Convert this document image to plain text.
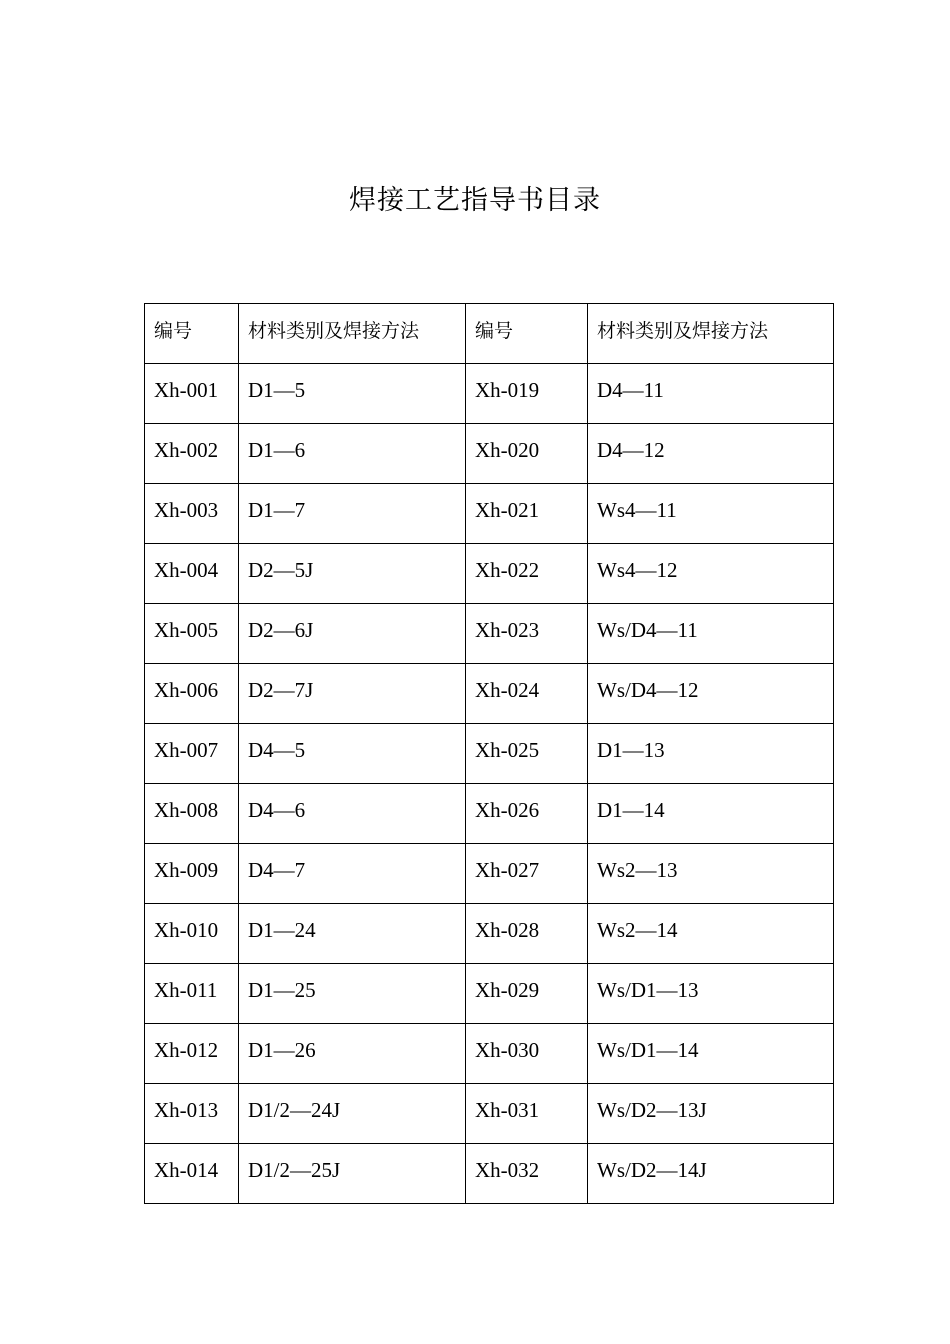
焊接工艺指导书目录
编号	材料类别及焊接方法	编号	材料类别及焊接方法
Xh-001	D1—5	Xh-019	D4—11
Xh-002	D1—6	Xh-020	D4—12
Xh-003	D1—7	Xh-021	Ws4—11
Xh-004	D2—5J	Xh-022	Ws4—12
Xh-005	D2—6J	Xh-023	Ws/D4—11
Xh-006	D2—7J	Xh-024	Ws/D4—12
Xh-007	D4—5	Xh-025	D1—13
Xh-008	D4—6	Xh-026	D1—14
Xh-009	D4—7	Xh-027	Ws2—13
Xh-010	D1—24	Xh-028	Ws2—14
Xh-011	D1—25	Xh-029	Ws/D1—13
Xh-012	D1—26	Xh-030	Ws/D1—14
Xh-013	D1/2—24J	Xh-031	Ws/D2—13J
Xh-014	D1/2—25J	Xh-032	Ws/D2—14J
